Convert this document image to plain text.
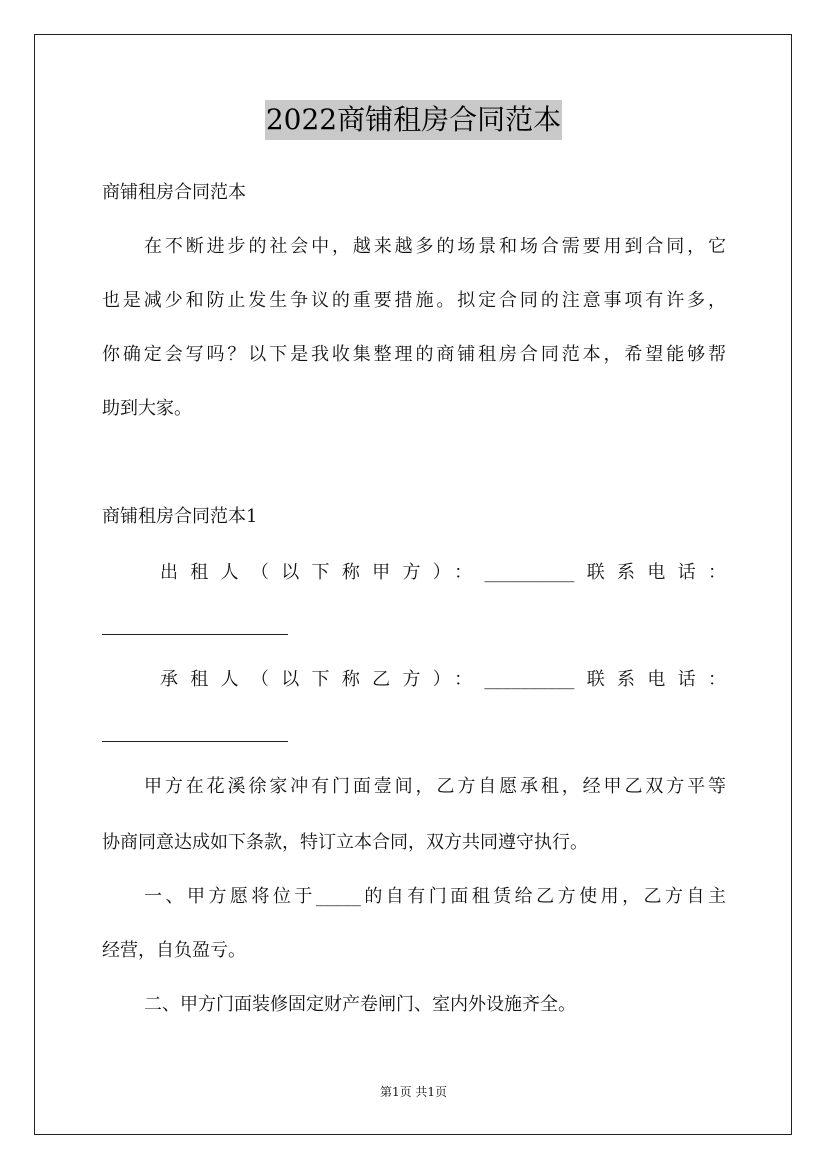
2022商铺租房合同范本
商铺租房合同范本
在不断进步的社会中，越来越多的场景和场合需要用到合同，它
也是减少和防止发生争议的重要措施。拟定合同的注意事项有许多，
你确定会写吗？以下是我收集整理的商铺租房合同范本，希望能够帮
助到大家。
商铺租房合同范本1
出租人（以下称甲方）：__________联系电话：
承租人（以下称乙方）：__________联系电话：
甲方在花溪徐家冲有门面壹间，乙方自愿承租，经甲乙双方平等
协商同意达成如下条款，特订立本合同，双方共同遵守执行。
一、甲方愿将位于_____的自有门面租赁给乙方使用，乙方自主
经营，自负盈亏。
二、甲方门面装修固定财产卷闸门、室内外设施齐全。
第1页 共1页
